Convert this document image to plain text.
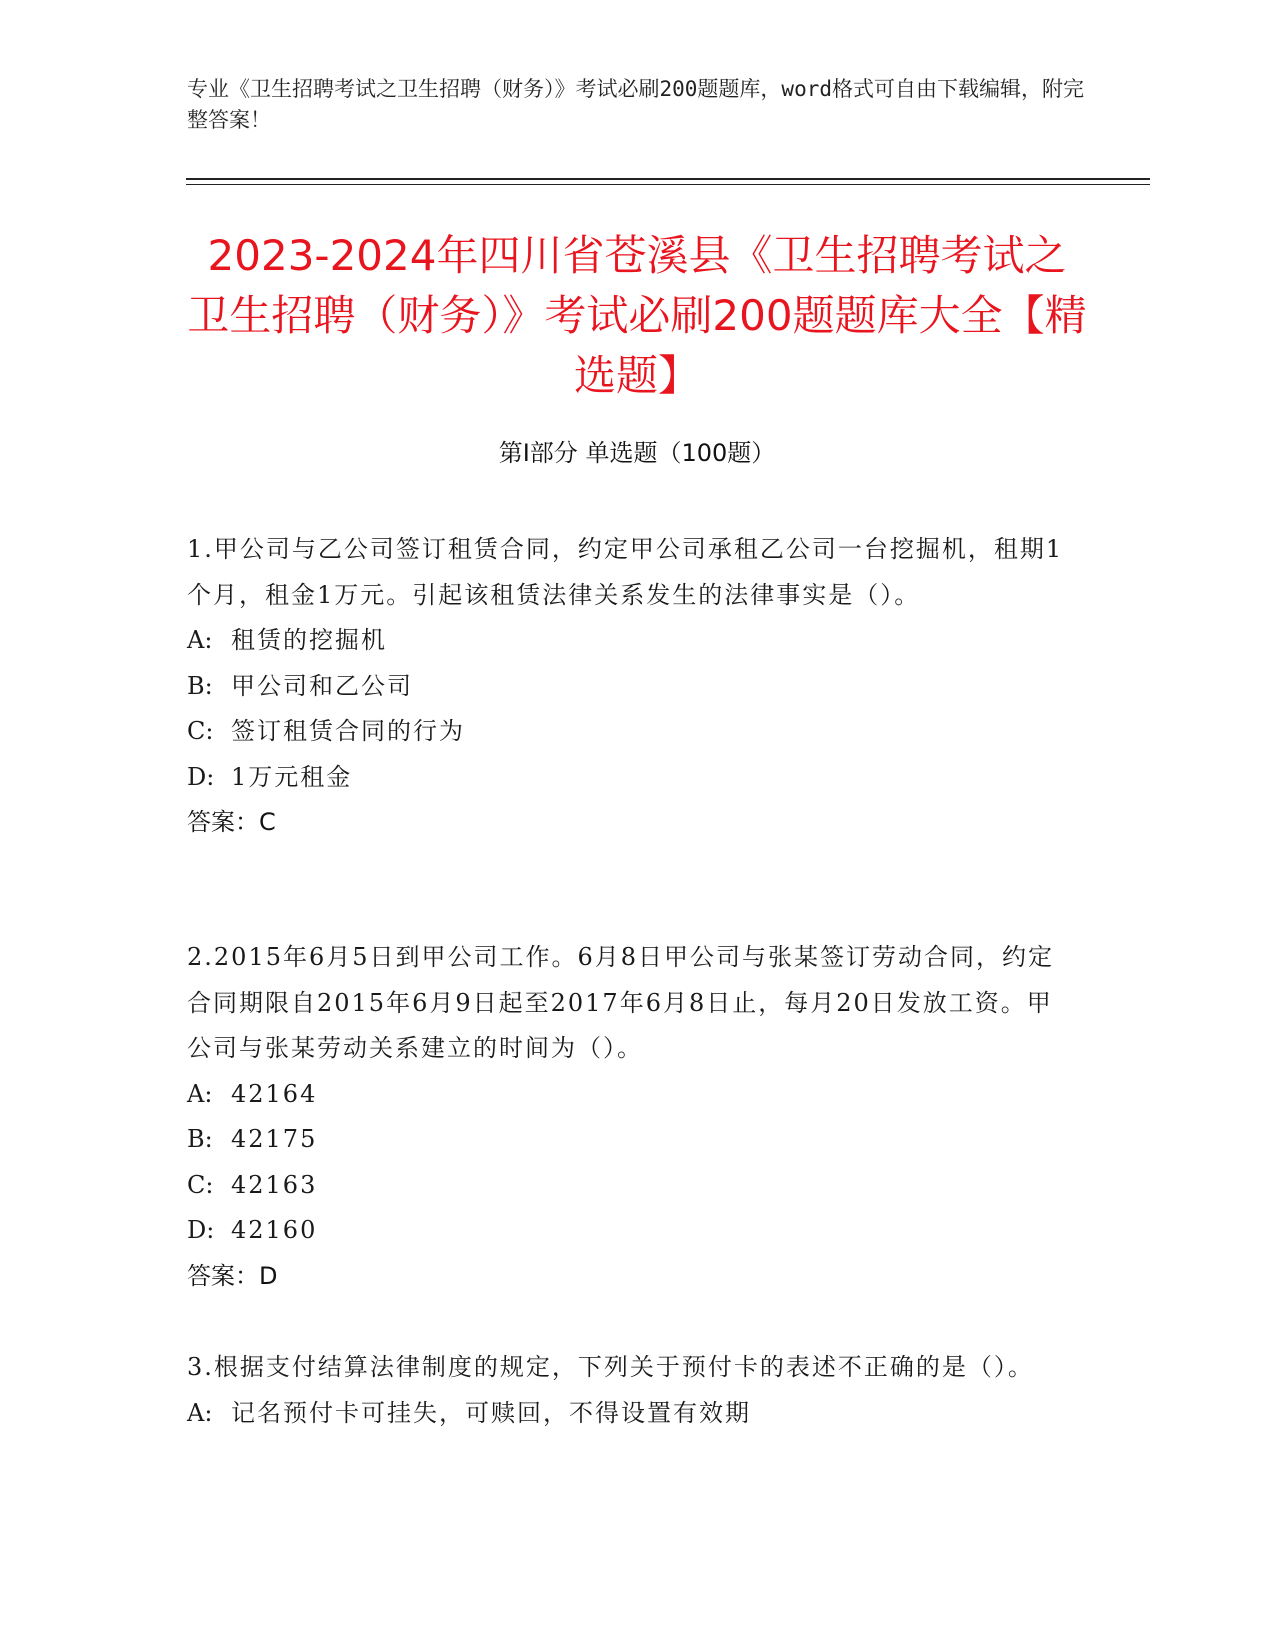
专业《卫生招聘考试之卫生招聘（财务）》考试必刷200题题库，word格式可自由下载编辑，附完整答案！
2023-2024年四川省苍溪县《卫生招聘考试之卫生招聘（财务）》考试必刷200题题库大全【精选题】
第Ⅰ部分 单选题（100题）
1.甲公司与乙公司签订租赁合同，约定甲公司承租乙公司一台挖掘机，租期1个月，租金1万元。引起该租赁法律关系发生的法律事实是（）。
A: 租赁的挖掘机
B: 甲公司和乙公司
C: 签订租赁合同的行为
D: 1万元租金
答案：C
2.2015年6月5日到甲公司工作。6月8日甲公司与张某签订劳动合同，约定合同期限自2015年6月9日起至2017年6月8日止，每月20日发放工资。甲公司与张某劳动关系建立的时间为（）。
A: 42164
B: 42175
C: 42163
D: 42160
答案：D
3.根据支付结算法律制度的规定，下列关于预付卡的表述不正确的是（）。
A: 记名预付卡可挂失，可赎回，不得设置有效期
